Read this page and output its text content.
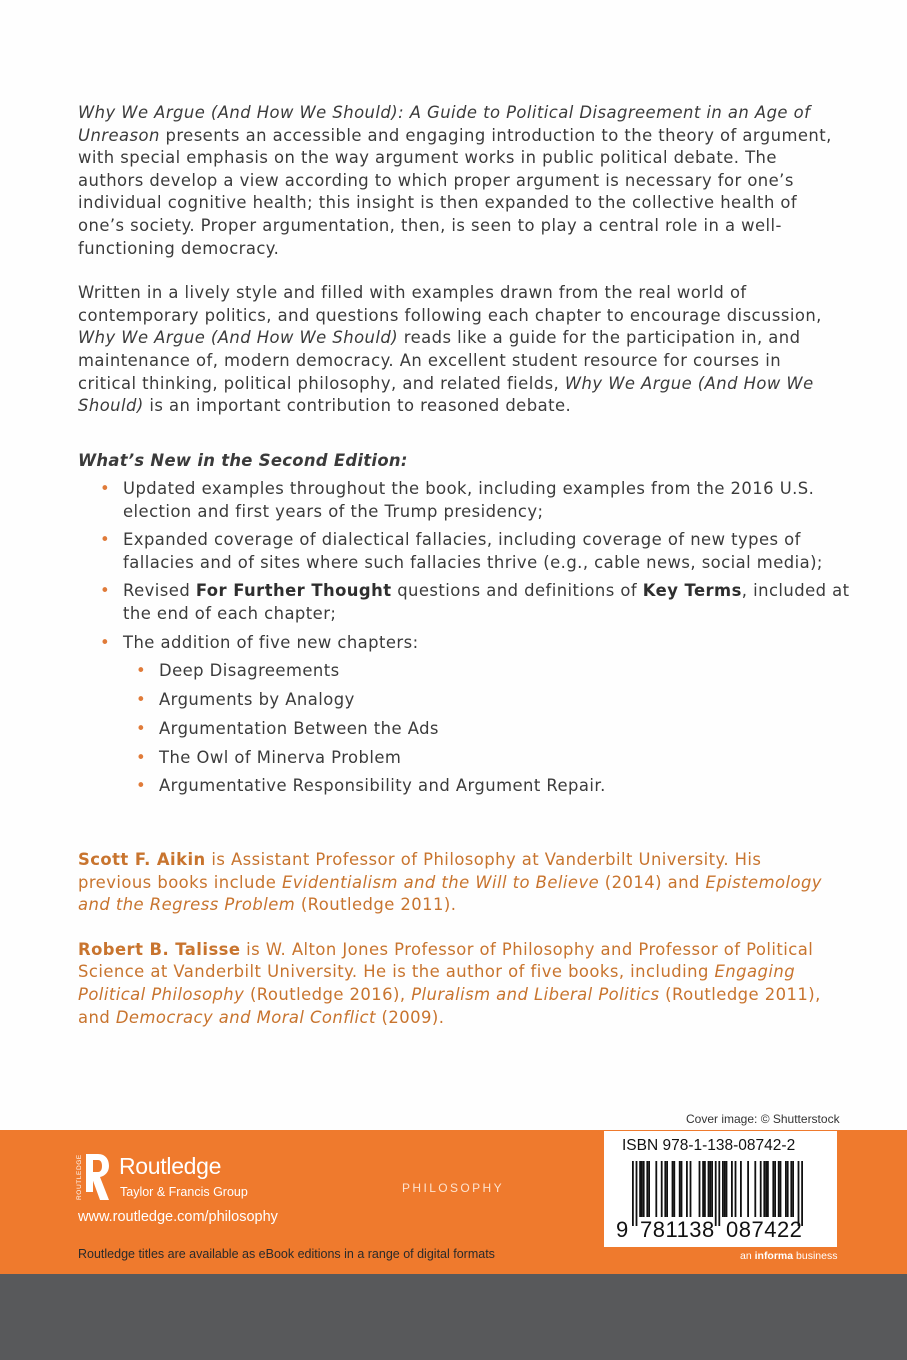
Why We Argue (And How We Should): A Guide to Political Disagreement in an Age of Unreason presents an accessible and engaging introduction to the theory of argument, with special emphasis on the way argument works in public political debate. The authors develop a view according to which proper argument is necessary for one’s individual cognitive health; this insight is then expanded to the collective health of one’s society. Proper argumentation, then, is seen to play a central role in a well-functioning democracy.

Written in a lively style and filled with examples drawn from the real world of contemporary politics, and questions following each chapter to encourage discussion, Why We Argue (And How We Should) reads like a guide for the participation in, and maintenance of, modern democracy. An excellent student resource for courses in critical thinking, political philosophy, and related fields, Why We Argue (And How We Should) is an important contribution to reasoned debate.

What’s New in the Second Edition:
• Updated examples throughout the book, including examples from the 2016 U.S. election and first years of the Trump presidency;
• Expanded coverage of dialectical fallacies, including coverage of new types of fallacies and of sites where such fallacies thrive (e.g., cable news, social media);
• Revised For Further Thought questions and definitions of Key Terms, included at the end of each chapter;
• The addition of five new chapters:
• Deep Disagreements
• Arguments by Analogy
• Argumentation Between the Ads
• The Owl of Minerva Problem
• Argumentative Responsibility and Argument Repair.

Scott F. Aikin is Assistant Professor of Philosophy at Vanderbilt University. His previous books include Evidentialism and the Will to Believe (2014) and Epistemology and the Regress Problem (Routledge 2011).

Robert B. Talisse is W. Alton Jones Professor of Philosophy and Professor of Political Science at Vanderbilt University. He is the author of five books, including Engaging Political Philosophy (Routledge 2016), Pluralism and Liberal Politics (Routledge 2011), and Democracy and Moral Conflict (2009).

Cover image: © Shutterstock
ROUTLEDGE Routledge
Taylor & Francis Group
www.routledge.com/philosophy
PHILOSOPHY
Routledge titles are available as eBook editions in a range of digital formats
ISBN 978-1-138-08742-2
9 781138 087422
an informa business
